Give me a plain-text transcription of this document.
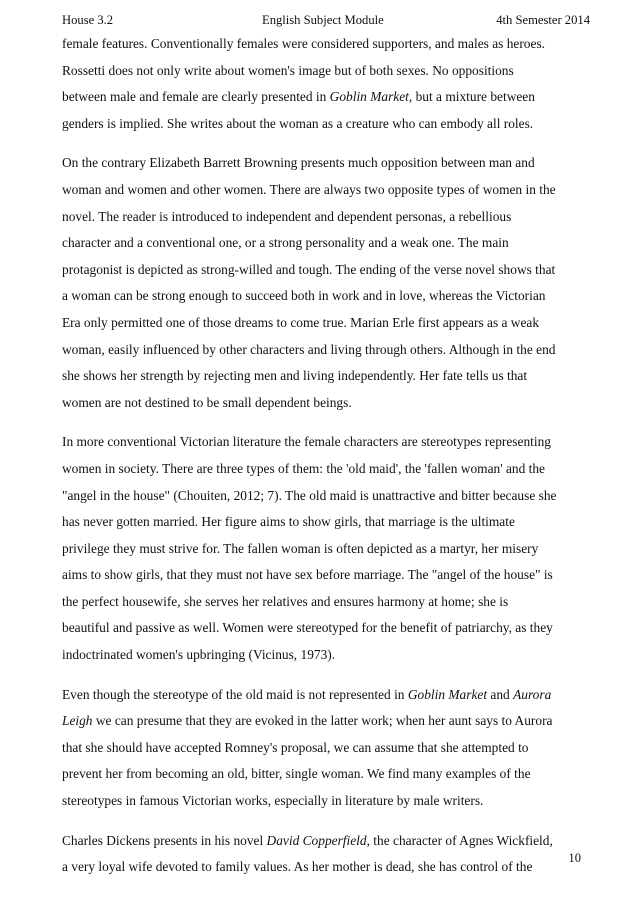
House 3.2	English Subject Module	4th Semester 2014

female features. Conventionally females were considered supporters, and males as heroes.
Rossetti does not only write about women's image but of both sexes. No oppositions
between male and female are clearly presented in Goblin Market, but a mixture between
genders is implied. She writes about the woman as a creature who can embody all roles.

On the contrary Elizabeth Barrett Browning presents much opposition between man and
woman and women and other women. There are always two opposite types of women in the
novel. The reader is introduced to independent and dependent personas, a rebellious
character and a conventional one, or a strong personality and a weak one. The main
protagonist is depicted as strong-willed and tough. The ending of the verse novel shows that
a woman can be strong enough to succeed both in work and in love, whereas the Victorian
Era only permitted one of those dreams to come true. Marian Erle first appears as a weak
woman, easily influenced by other characters and living through others. Although in the end
she shows her strength by rejecting men and living independently. Her fate tells us that
women are not destined to be small dependent beings.

In more conventional Victorian literature the female characters are stereotypes representing
women in society. There are three types of them: the 'old maid', the 'fallen woman' and the
"angel in the house" (Chouiten, 2012; 7). The old maid is unattractive and bitter because she
has never gotten married. Her figure aims to show girls, that marriage is the ultimate
privilege they must strive for. The fallen woman is often depicted as a martyr, her misery
aims to show girls, that they must not have sex before marriage. The "angel of the house" is
the perfect housewife, she serves her relatives and ensures harmony at home; she is
beautiful and passive as well. Women were stereotyped for the benefit of patriarchy, as they
indoctrinated women's upbringing (Vicinus, 1973).

Even though the stereotype of the old maid is not represented in Goblin Market and Aurora
Leigh we can presume that they are evoked in the latter work; when her aunt says to Aurora
that she should have accepted Romney's proposal, we can assume that she attempted to
prevent her from becoming an old, bitter, single woman. We find many examples of the
stereotypes in famous Victorian works, especially in literature by male writers.

Charles Dickens presents in his novel David Copperfield, the character of Agnes Wickfield,
a very loyal wife devoted to family values. As her mother is dead, she has control of the

10
